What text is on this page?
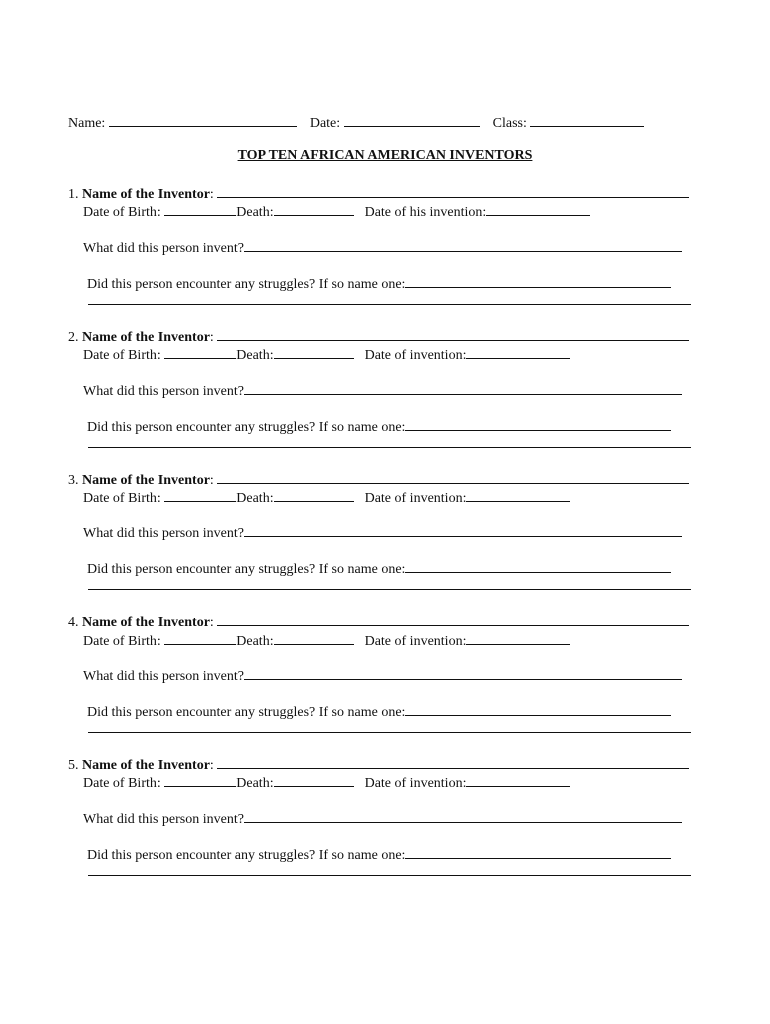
Name:	Date:	Class:
TOP TEN AFRICAN AMERICAN INVENTORS
1. Name of the Inventor:
Date of Birth:	Death:	Date of his invention:
What did this person invent?
Did this person encounter any struggles? If so name one:
2. Name of the Inventor:
Date of Birth:	Death:	Date of invention:
What did this person invent?
Did this person encounter any struggles? If so name one:
3. Name of the Inventor:
Date of Birth:	Death:	Date of invention:
What did this person invent?
Did this person encounter any struggles? If so name one:
4. Name of the Inventor:
Date of Birth:	Death:	Date of invention:
What did this person invent?
Did this person encounter any struggles? If so name one:
5. Name of the Inventor:
Date of Birth:	Death:	Date of invention:
What did this person invent?
Did this person encounter any struggles? If so name one:
